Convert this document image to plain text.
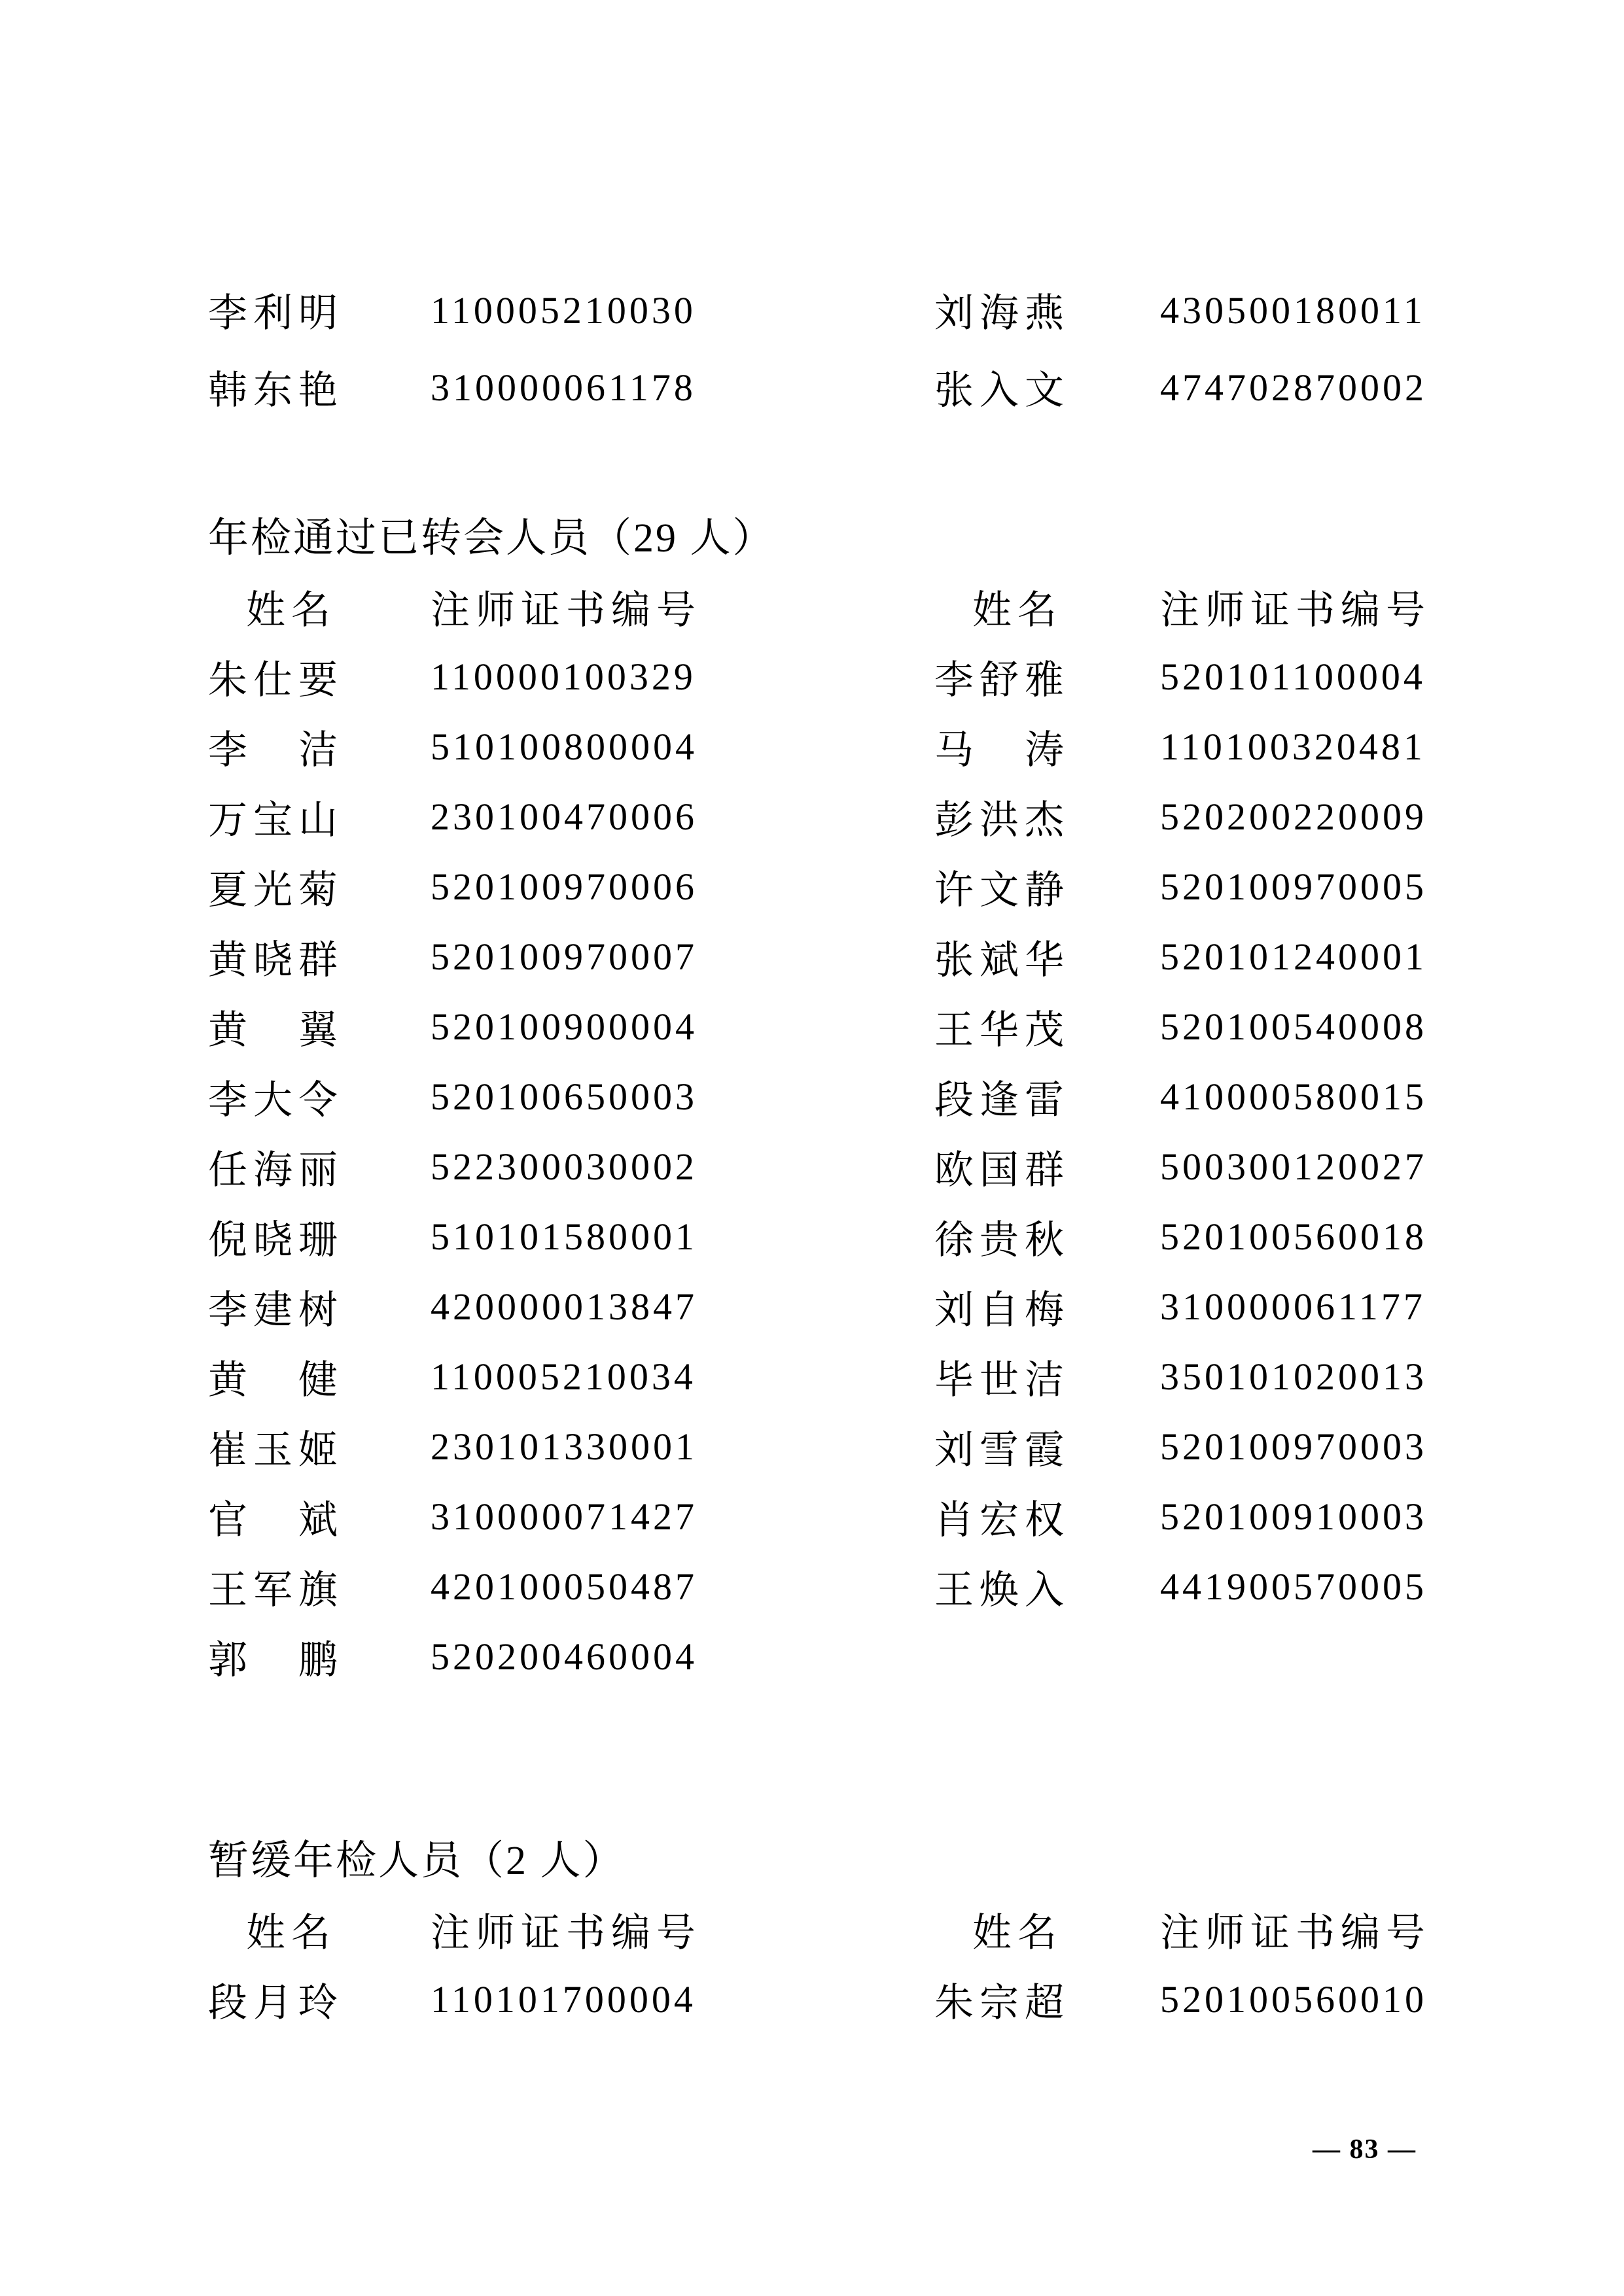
李利明	110005210030	刘海燕	430500180011
韩东艳	310000061178	张入文	474702870002
年检通过已转会人员（29 人）
姓名	注师证书编号	姓名	注师证书编号
朱仕要	110000100329	李舒雅	520101100004
李　洁	510100800004	马　涛	110100320481
万宝山	230100470006	彭洪杰	520200220009
夏光菊	520100970006	许文静	520100970005
黄晓群	520100970007	张斌华	520101240001
黄　翼	520100900004	王华茂	520100540008
李大令	520100650003	段逢雷	410000580015
任海丽	522300030002	欧国群	500300120027
倪晓珊	510101580001	徐贵秋	520100560018
李建树	420000013847	刘自梅	310000061177
黄　健	110005210034	毕世洁	350101020013
崔玉姬	230101330001	刘雪霞	520100970003
官　斌	310000071427	肖宏权	520100910003
王军旗	420100050487	王焕入	441900570005
郭　鹏	520200460004
暂缓年检人员（2 人）
姓名	注师证书编号	姓名	注师证书编号
段月玲	110101700004	朱宗超	520100560010
— 83 —
